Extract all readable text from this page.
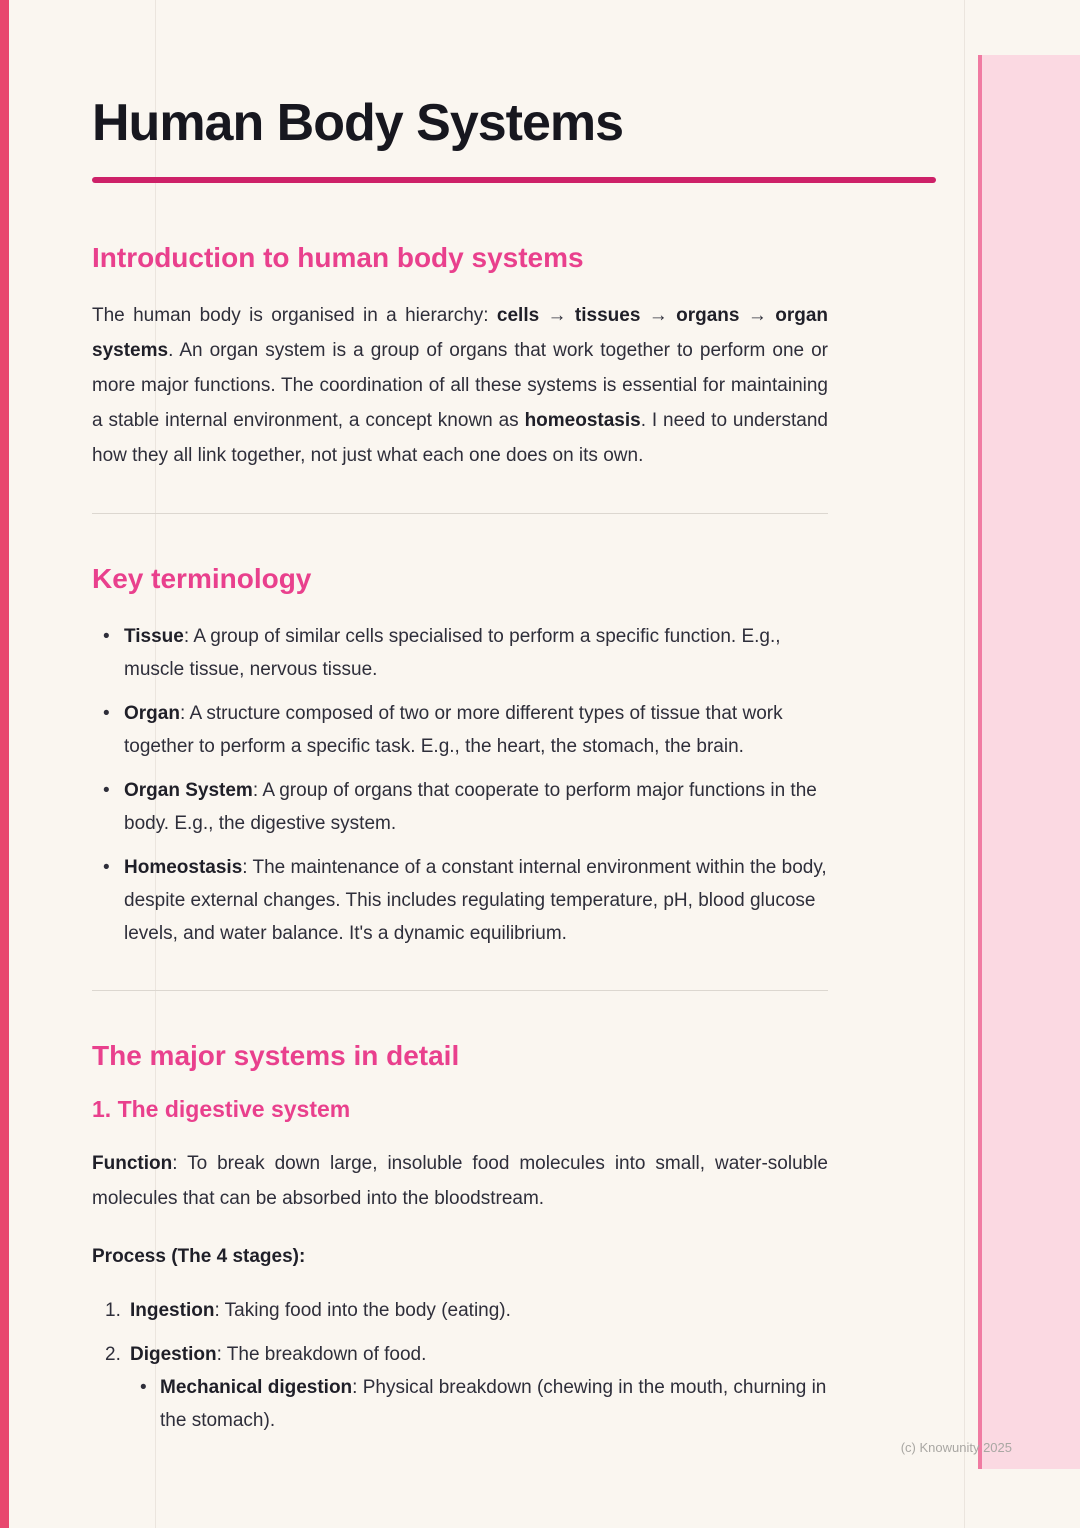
Human Body Systems
Introduction to human body systems

The human body is organised in a hierarchy: cells → tissues → organs → organ systems. An organ system is a group of organs that work together to perform one or more major functions. The coordination of all these systems is essential for maintaining a stable internal environment, a concept known as homeostasis. I need to understand how they all link together, not just what each one does on its own.

Key terminology
• Tissue: A group of similar cells specialised to perform a specific function. E.g., muscle tissue, nervous tissue.
• Organ: A structure composed of two or more different types of tissue that work together to perform a specific task. E.g., the heart, the stomach, the brain.
• Organ System: A group of organs that cooperate to perform major functions in the body. E.g., the digestive system.
• Homeostasis: The maintenance of a constant internal environment within the body, despite external changes. This includes regulating temperature, pH, blood glucose levels, and water balance. It's a dynamic equilibrium.
The major systems in detail
1. The digestive system

Function: To break down large, insoluble food molecules into small, water-soluble molecules that can be absorbed into the bloodstream.

Process (The 4 stages):

1. Ingestion: Taking food into the body (eating).
2. Digestion: The breakdown of food.
• Mechanical digestion: Physical breakdown (chewing in the mouth, churning in the stomach).
(c) Knowunity 2025
